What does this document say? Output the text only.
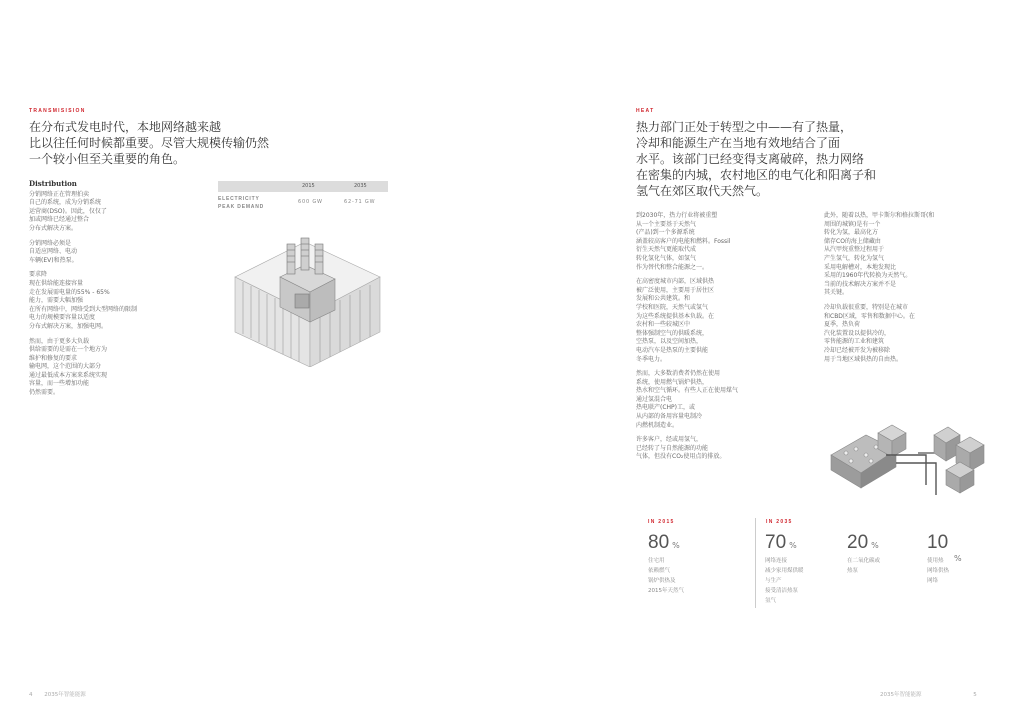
TRANSMISISION
在分布式发电时代，本地网络越来越
比以往任何时候都重要。尽管大规模传输仍然
一个较小但至关重要的角色。
Distribution

分销网络正在管理拍卖
自己的系统，成为分销系统
运营商(DSO)。因此，仅仅了
加或网络已经通过整合
分布式解决方案。

分销网络必须是
自适应网络、电动
车辆(EV)和热泵。

要求降
现在供给能连接容量
走在发展需电量的55% - 65%
能力，需要大幅加强
在所有网络中，网络受到大型网络的限制
电力的规模要容量以适度
分布式解决方案，加强电网。

然而，由于更多大负载
供给需要的是需在一个地方为
维护和修复的要求
输电网，这个范围的大部分
通过最低成本方案来系统实现
容量，而一些增加功能
仍然需要。

2015	2035
ELECTRICITY
PEAK DEMAND
600 GW	62-71 GW
HEAT
热力部门正处于转型之中——有了热量，
冷却和能源生产在当地有效地结合了面
水平。该部门已经变得支离破碎，热力网络
在密集的内城，农村地区的电气化和阳离子和
氢气在郊区取代天然气。

到2030年，热力行业将被重塑
从一个主要基于天然气
(产品)到一个多源系统
涵盖较高客户的电能和燃料。Fossil
衍生天然气更能取代成
转化氢化气体，如氢气
作为替代和整合能源之一。

在高密度城市内部，区域供热
被广泛使用，主要用于居住区
发展和公共建筑。和
学校和医院，天然气或氢气
为这些系统提供基本负载。在
农村和一些较城区中
整体强制空气的供暖系统，
空热泵，以及空间加热，
电动汽车是热泵的主要供能
冬季电力。

然而，大多数消费者仍然在使用
系统，使用燃气锅炉供热，
热水和空气循环。有些人正在使用煤气
通过氢混合电
热电联产(CHP)工，或
从内部的备用容量电制冷
内燃机制造业。

许多客户，经或用氢气，
已经转了与自然能源的功能
气体，但没有CO₂使用点的排放。

此外，随着以热，甲卡斯尔和格拉斯哥(和
周围的城镇)是有一个
转化为氢，最高化方
储存CO的海上储藏由
从汽甲烷重整过程用于
产生氢气，转化为氢气
采用电解槽对，本地发现比
采用的1960年代转换为天然气。
当前的技术解决方案并不是
其关键。

冷却负载很重要，特别是在城市
和CBD区域，零售和数据中心。在
夏季，热负荷
汽化装置设以提供冷的，
零售能源的工业和建筑
冷却已经被开发为被移除
用于当地区域供热的自由热。

IN 2015	IN 2035
80 %
住宅用
依赖燃气
锅炉供热及
2015年天然气
70 %
网络连接
减少家用煤供暖
与生产
接受清洁热泵
氢气
20 %
在二氧化碳或
热泵
10
%
使用热
网络供热
网络
4 2035年智能能源	2035年智能能源	5
